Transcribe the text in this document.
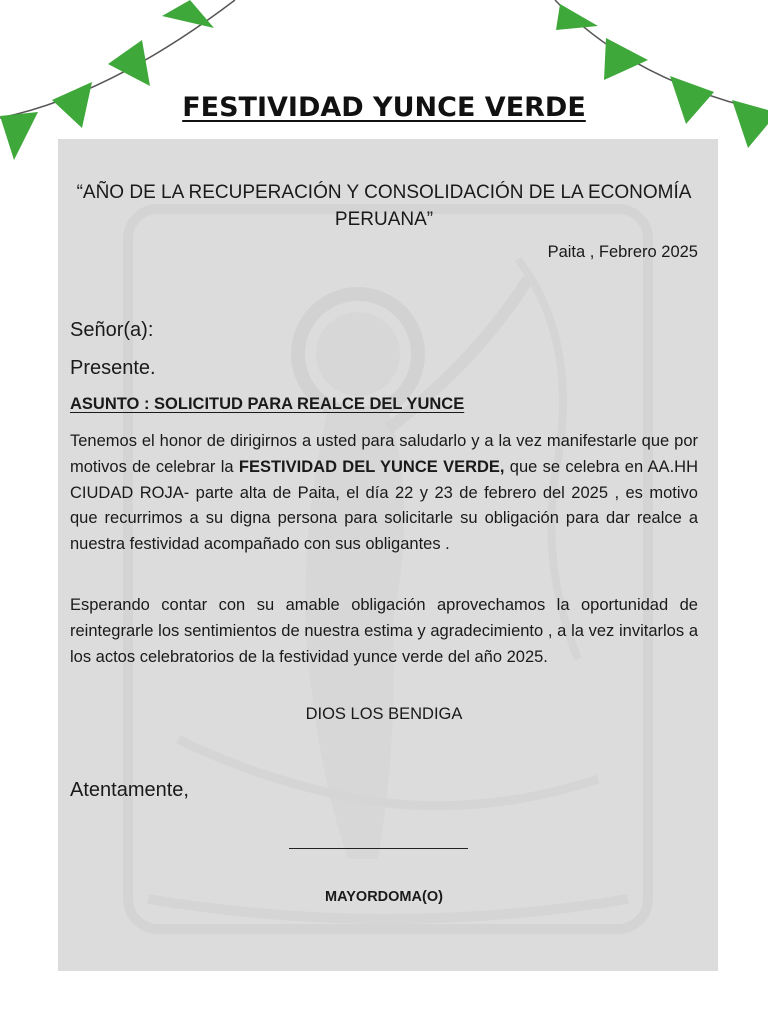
FESTIVIDAD YUNCE VERDE
“AÑO DE LA RECUPERACIÓN Y CONSOLIDACIÓN DE LA ECONOMÍA PERUANA”
Paita , Febrero 2025
Señor(a):
Presente.
ASUNTO : SOLICITUD PARA REALCE DEL YUNCE

Tenemos el honor de dirigirnos a usted para saludarlo y a la vez manifestarle que por motivos de celebrar la FESTIVIDAD DEL YUNCE VERDE, que se celebra en AA.HH CIUDAD ROJA- parte alta de Paita, el día 22 y 23 de febrero del 2025 , es motivo que recurrimos a su digna persona para solicitarle su obligación para dar realce a nuestra festividad acompañado con sus obligantes .

Esperando contar con su amable obligación aprovechamos la oportunidad de reintegrarle los sentimientos de nuestra estima y agradecimiento , a la vez invitarlos a los actos celebratorios de la festividad yunce verde del año 2025.

DIOS LOS BENDIGA
Atentamente,
MAYORDOMA(O)
